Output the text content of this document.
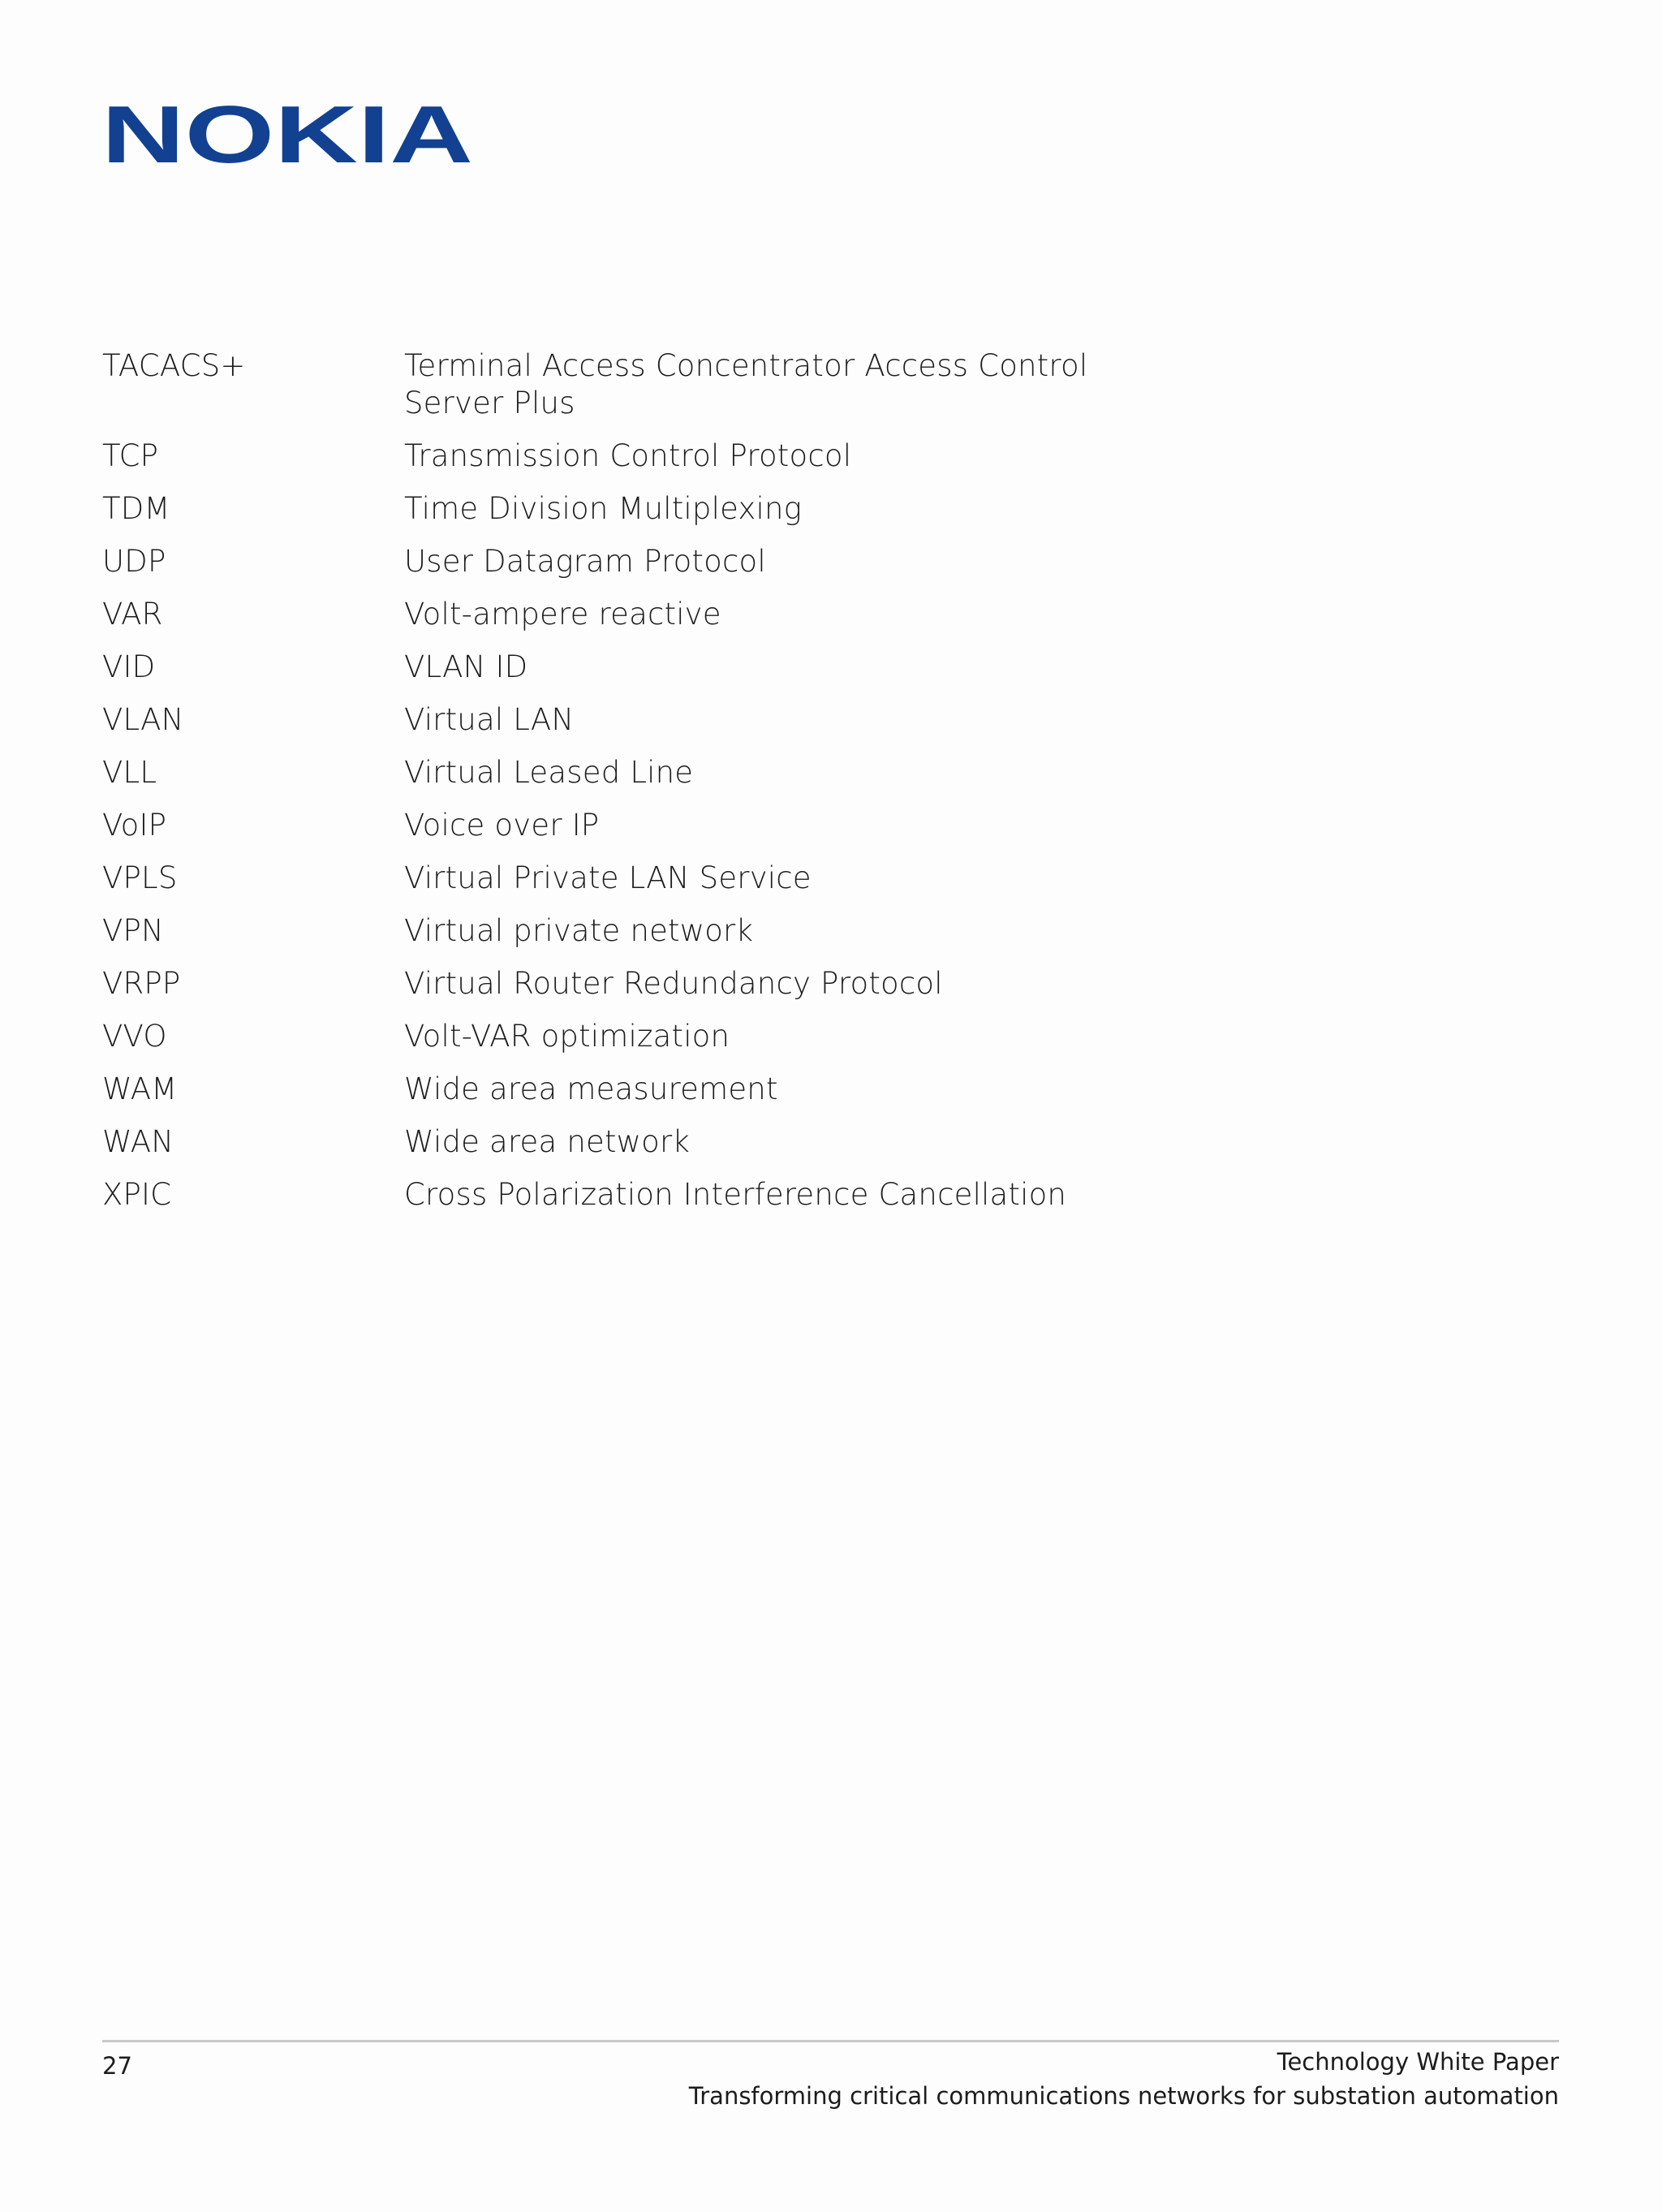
NOKIA
TACACS+	Terminal Access Concentrator Access Control Server Plus
TCP	Transmission Control Protocol
TDM	Time Division Multiplexing
UDP	User Datagram Protocol
VAR	Volt-ampere reactive
VID	VLAN ID
VLAN	Virtual LAN
VLL	Virtual Leased Line
VoIP	Voice over IP
VPLS	Virtual Private LAN Service
VPN	Virtual private network
VRPP	Virtual Router Redundancy Protocol
VVO	Volt-VAR optimization
WAM	Wide area measurement
WAN	Wide area network
XPIC	Cross Polarization Interference Cancellation
27	Technology White Paper
Transforming critical communications networks for substation automation
